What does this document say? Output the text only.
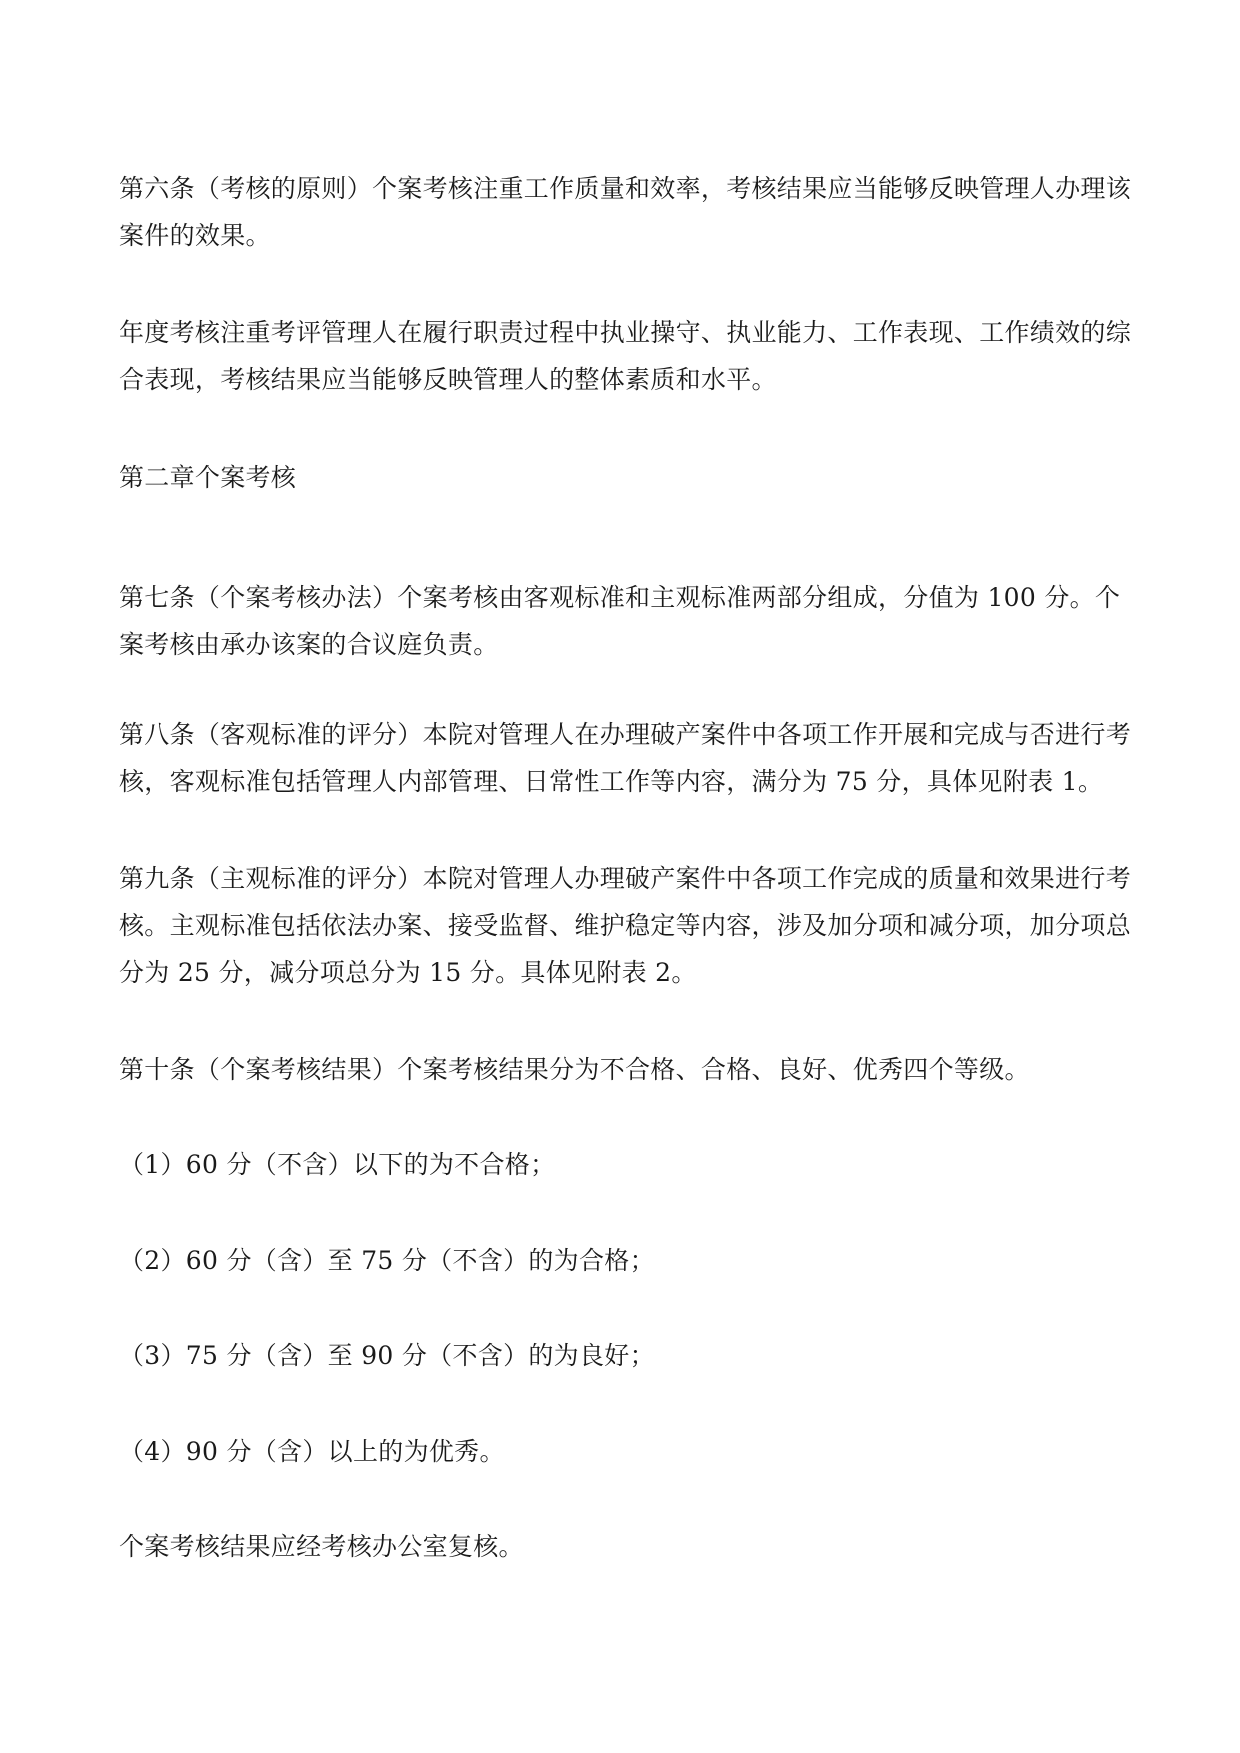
第六条（考核的原则）个案考核注重工作质量和效率，考核结果应当能够反映管理人办理该案件的效果。

年度考核注重考评管理人在履行职责过程中执业操守、执业能力、工作表现、工作绩效的综合表现，考核结果应当能够反映管理人的整体素质和水平。

第二章个案考核

第七条（个案考核办法）个案考核由客观标准和主观标准两部分组成，分值为 100 分。个案考核由承办该案的合议庭负责。

第八条（客观标准的评分）本院对管理人在办理破产案件中各项工作开展和完成与否进行考核，客观标准包括管理人内部管理、日常性工作等内容，满分为 75 分，具体见附表 1。

第九条（主观标准的评分）本院对管理人办理破产案件中各项工作完成的质量和效果进行考核。主观标准包括依法办案、接受监督、维护稳定等内容，涉及加分项和减分项，加分项总分为 25 分，减分项总分为 15 分。具体见附表 2。

第十条（个案考核结果）个案考核结果分为不合格、合格、良好、优秀四个等级。

（1）60 分（不含）以下的为不合格；

（2）60 分（含）至 75 分（不含）的为合格；

（3）75 分（含）至 90 分（不含）的为良好；

（4）90 分（含）以上的为优秀。

个案考核结果应经考核办公室复核。
